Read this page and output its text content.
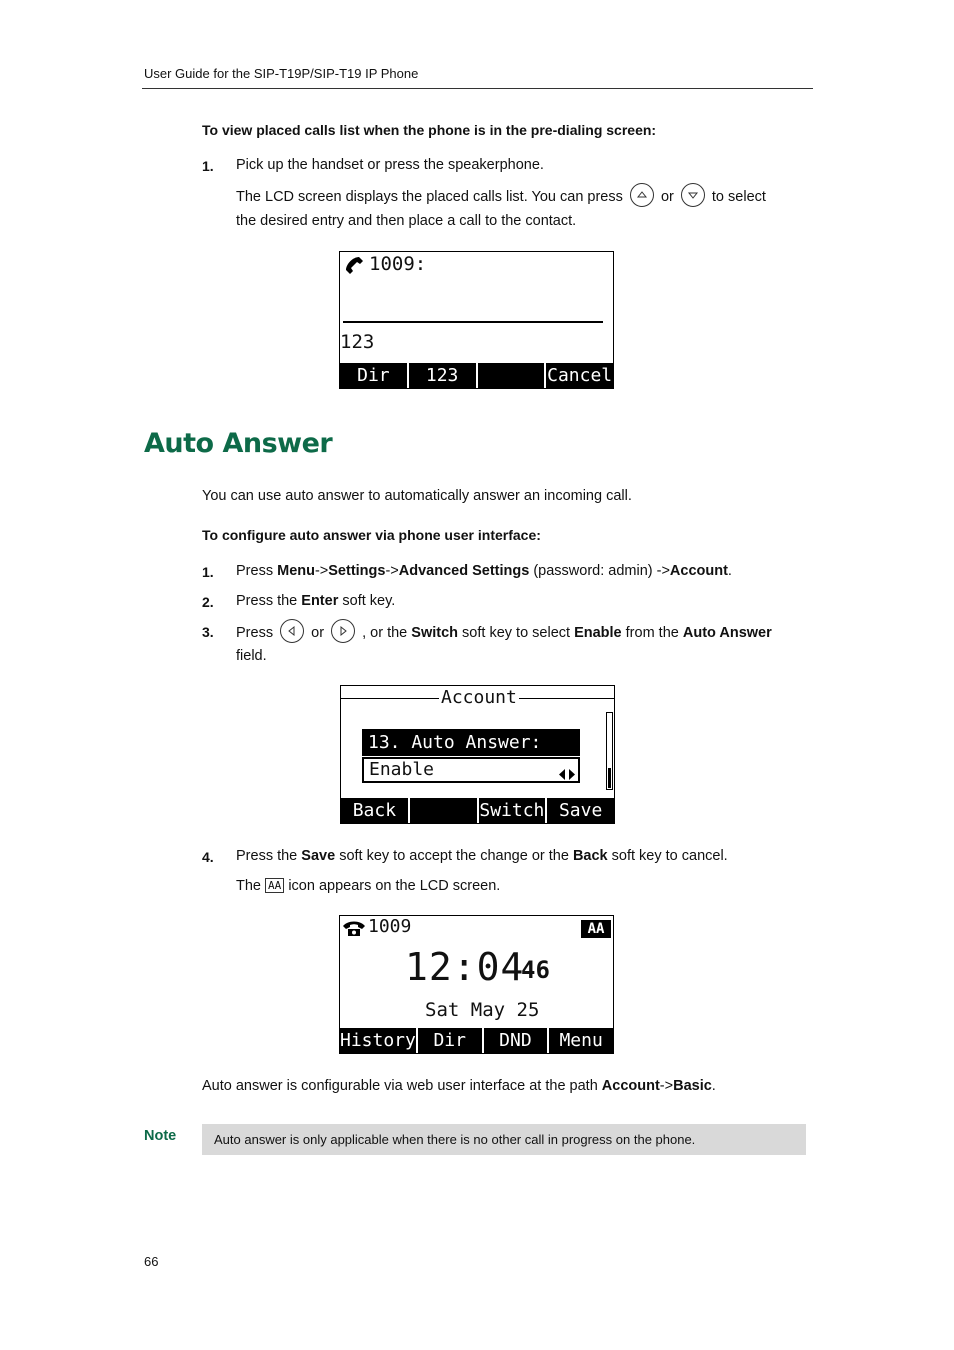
User Guide for the SIP-T19P/SIP-T19 IP Phone
To view placed calls list when the phone is in the pre-dialing screen:
1. Pick up the handset or press the speakerphone.
The LCD screen displays the placed calls list. You can press	or	to select
the desired entry and then place a call to the contact.
1009:
123
Dir	123	Cancel
Auto Answer
You can use auto answer to automatically answer an incoming call.
To configure auto answer via phone user interface:
1. Press Menu->Settings->Advanced Settings (password: admin) ->Account.
2. Press the Enter soft key.
3. Press	or	, or the Switch soft key to select Enable from the Auto Answer
field.
Account
13. Auto Answer:
Enable
Back	Switch Save
4. Press the Save soft key to accept the change or the Back soft key to cancel.
The AA icon appears on the LCD screen.
1009	AA
12:04
46
Sat May 25
History Dir	DND	Menu
Auto answer is configurable via web user interface at the path Account->Basic.
Note	Auto answer is only applicable when there is no other call in progress on the phone.
66
